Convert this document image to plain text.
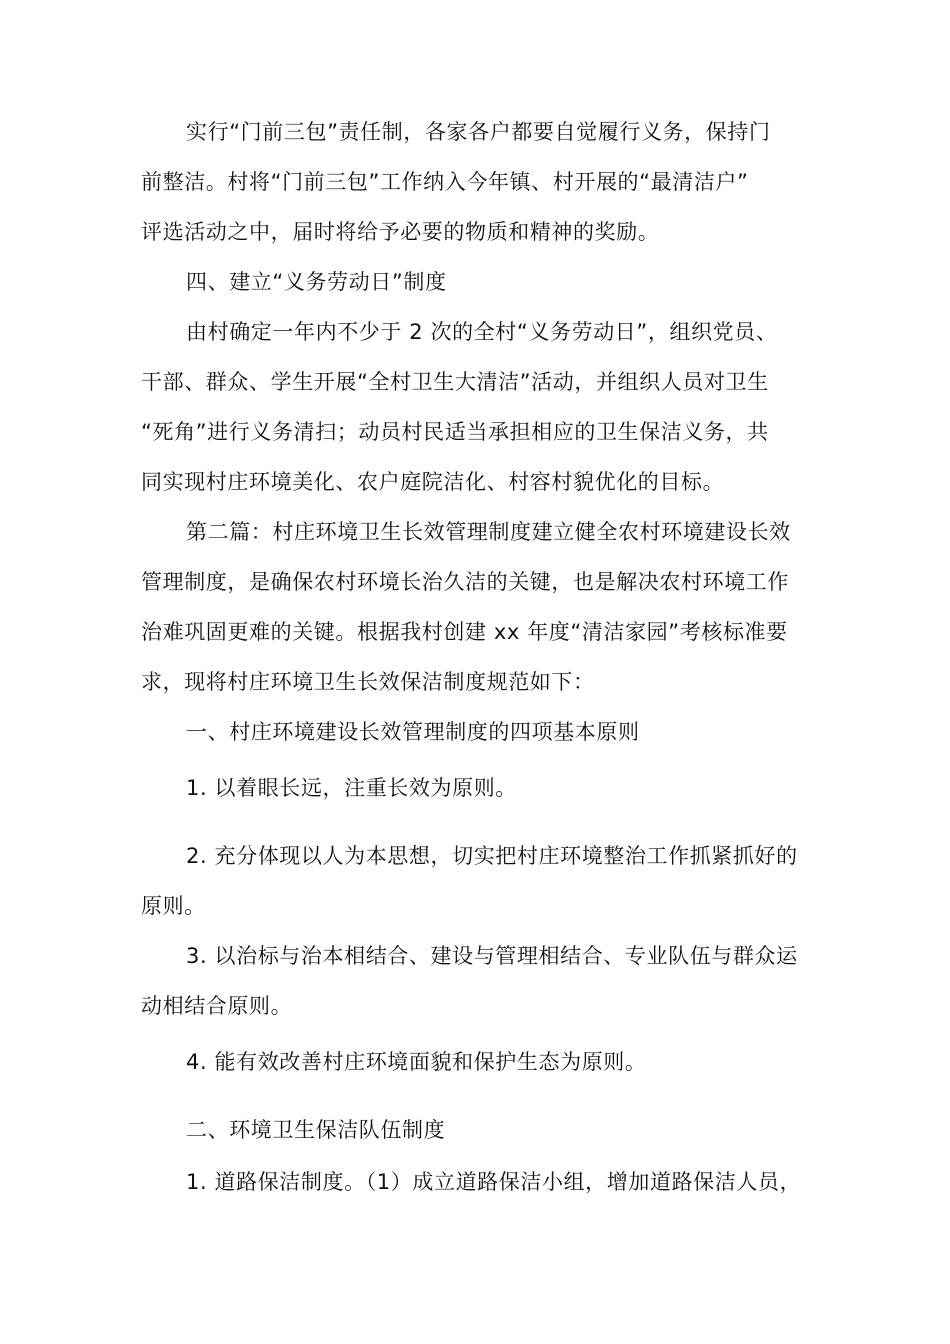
实行“门前三包”责任制，各家各户都要自觉履行义务，保持门
前整洁。村将“门前三包”工作纳入今年镇、村开展的“最清洁户”
评选活动之中，届时将给予必要的物质和精神的奖励。
四、建立“义务劳动日”制度
由村确定一年内不少于 2 次的全村“义务劳动日”，组织党员、
干部、群众、学生开展“全村卫生大清洁”活动，并组织人员对卫生
“死角”进行义务清扫；动员村民适当承担相应的卫生保洁义务，共
同实现村庄环境美化、农户庭院洁化、村容村貌优化的目标。
第二篇：村庄环境卫生长效管理制度建立健全农村环境建设长效
管理制度，是确保农村环境长治久洁的关键，也是解决农村环境工作
治难巩固更难的关键。根据我村创建 xx 年度“清洁家园”考核标准要
求，现将村庄环境卫生长效保洁制度规范如下：
一、村庄环境建设长效管理制度的四项基本原则
1. 以着眼长远，注重长效为原则。
2. 充分体现以人为本思想，切实把村庄环境整治工作抓紧抓好的
原则。
3. 以治标与治本相结合、建设与管理相结合、专业队伍与群众运
动相结合原则。
4. 能有效改善村庄环境面貌和保护生态为原则。
二、环境卫生保洁队伍制度
1. 道路保洁制度。（1）成立道路保洁小组，增加道路保洁人员，
